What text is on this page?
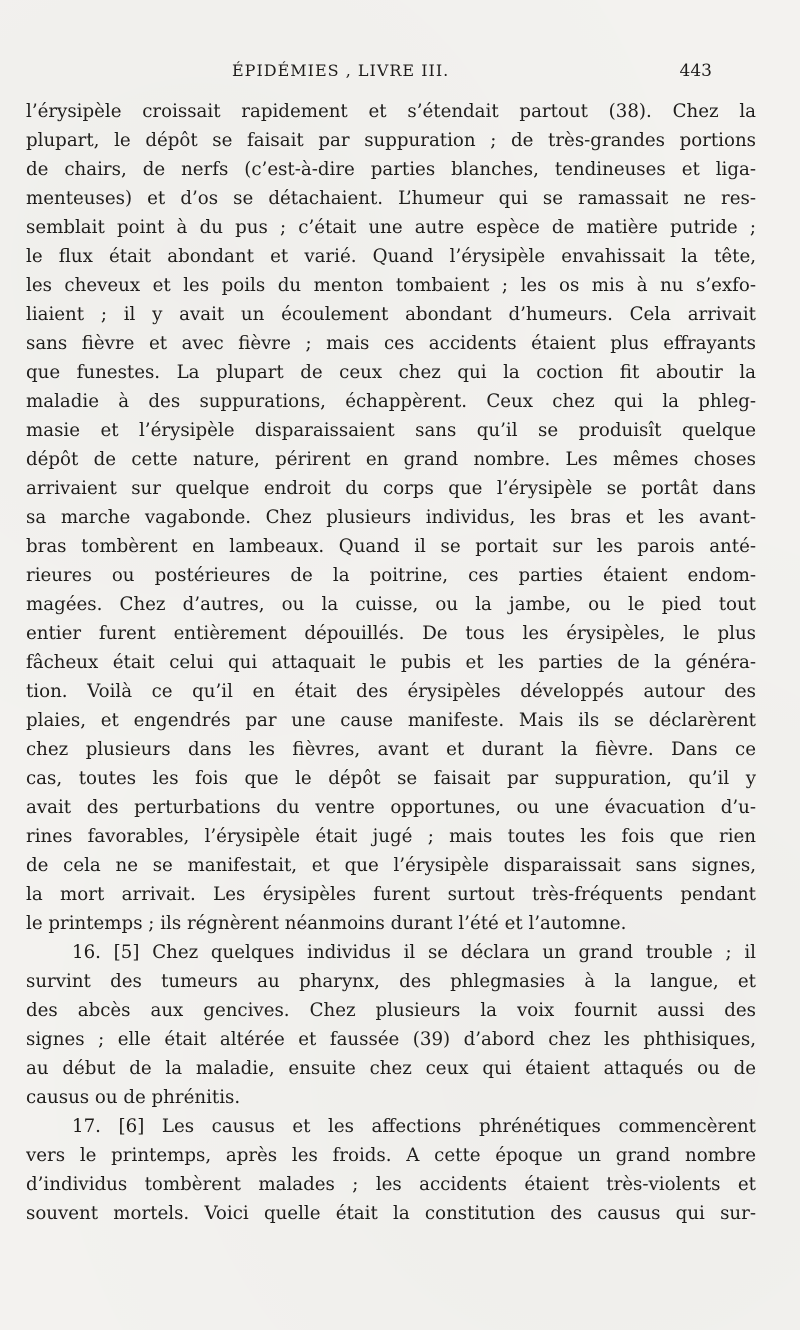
ÉPIDÉMIES , LIVRE III.	443
l’érysipèle croissait rapidement et s’étendait partout (38). Chez la
plupart, le dépôt se faisait par suppuration ; de très-grandes portions
de chairs, de nerfs (c’est-à-dire parties blanches, tendineuses et liga-
menteuses) et d’os se détachaient. L’humeur qui se ramassait ne res-
semblait point à du pus ; c’était une autre espèce de matière putride ;
le flux était abondant et varié. Quand l’érysipèle envahissait la tête,
les cheveux et les poils du menton tombaient ; les os mis à nu s’exfo-
liaient ; il y avait un écoulement abondant d’humeurs. Cela arrivait
sans fièvre et avec fièvre ; mais ces accidents étaient plus effrayants
que funestes. La plupart de ceux chez qui la coction fit aboutir la
maladie à des suppurations, échappèrent. Ceux chez qui la phleg-
masie et l’érysipèle disparaissaient sans qu’il se produisît quelque
dépôt de cette nature, périrent en grand nombre. Les mêmes choses
arrivaient sur quelque endroit du corps que l’érysipèle se portât dans
sa marche vagabonde. Chez plusieurs individus, les bras et les avant-
bras tombèrent en lambeaux. Quand il se portait sur les parois anté-
rieures ou postérieures de la poitrine, ces parties étaient endom-
magées. Chez d’autres, ou la cuisse, ou la jambe, ou le pied tout
entier furent entièrement dépouillés. De tous les érysipèles, le plus
fâcheux était celui qui attaquait le pubis et les parties de la généra-
tion. Voilà ce qu’il en était des érysipèles développés autour des
plaies, et engendrés par une cause manifeste. Mais ils se déclarèrent
chez plusieurs dans les fièvres, avant et durant la fièvre. Dans ce
cas, toutes les fois que le dépôt se faisait par suppuration, qu’il y
avait des perturbations du ventre opportunes, ou une évacuation d’u-
rines favorables, l’érysipèle était jugé ; mais toutes les fois que rien
de cela ne se manifestait, et que l’érysipèle disparaissait sans signes,
la mort arrivait. Les érysipèles furent surtout très-fréquents pendant
le printemps ; ils régnèrent néanmoins durant l’été et l’automne.
16. [5] Chez quelques individus il se déclara un grand trouble ; il
survint des tumeurs au pharynx, des phlegmasies à la langue, et
des abcès aux gencives. Chez plusieurs la voix fournit aussi des
signes ; elle était altérée et faussée (39) d’abord chez les phthisiques,
au début de la maladie, ensuite chez ceux qui étaient attaqués ou de
causus ou de phrénitis.
17. [6] Les causus et les affections phrénétiques commencèrent
vers le printemps, après les froids. A cette époque un grand nombre
d’individus tombèrent malades ; les accidents étaient très-violents et
souvent mortels. Voici quelle était la constitution des causus qui sur-
